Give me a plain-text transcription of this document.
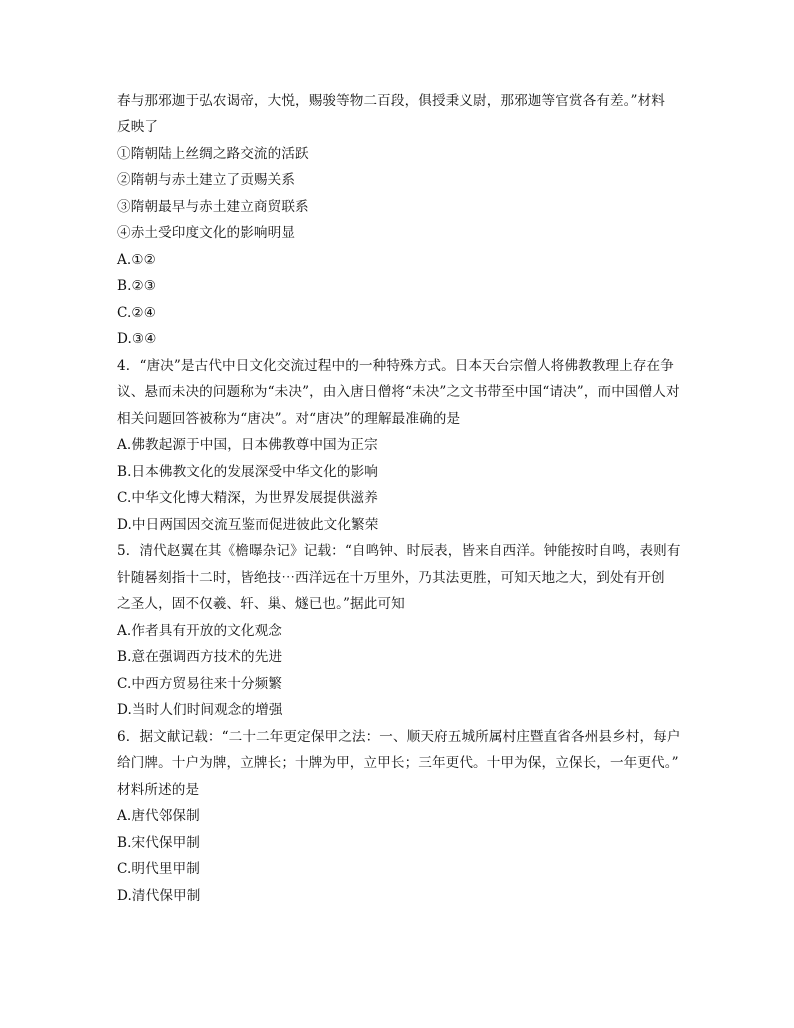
春与那邪迦于弘农谒帝，大悦，赐骏等物二百段，俱授秉义尉，那邪迦等官赏各有差。”材料
反映了
①隋朝陆上丝绸之路交流的活跃
②隋朝与赤土建立了贡赐关系
③隋朝最早与赤土建立商贸联系
④赤土受印度文化的影响明显
A.①②
B.②③
C.②④
D.③④
4．“唐决”是古代中日文化交流过程中的一种特殊方式。日本天台宗僧人将佛教教理上存在争
议、悬而未决的问题称为“未决”，由入唐日僧将“未决”之文书带至中国“请决”，而中国僧人对
相关问题回答被称为“唐决”。对“唐决”的理解最准确的是
A.佛教起源于中国，日本佛教尊中国为正宗
B.日本佛教文化的发展深受中华文化的影响
C.中华文化博大精深，为世界发展提供滋养
D.中日两国因交流互鉴而促进彼此文化繁荣
5．清代赵翼在其《檐曝杂记》记载：“自鸣钟、时辰表，皆来自西洋。钟能按时自鸣，表则有
针随晷刻指十二时，皆绝技⋯西洋远在十万里外，乃其法更胜，可知天地之大，到处有开创
之圣人，固不仅羲、轩、巢、燧已也。”据此可知
A.作者具有开放的文化观念
B.意在强调西方技术的先进
C.中西方贸易往来十分频繁
D.当时人们时间观念的增强
6．据文献记载：“二十二年更定保甲之法：一、顺天府五城所属村庄暨直省各州县乡村，每户
给门牌。十户为牌，立牌长；十牌为甲，立甲长；三年更代。十甲为保，立保长，一年更代。”
材料所述的是
A.唐代邻保制
B.宋代保甲制
C.明代里甲制
D.清代保甲制
